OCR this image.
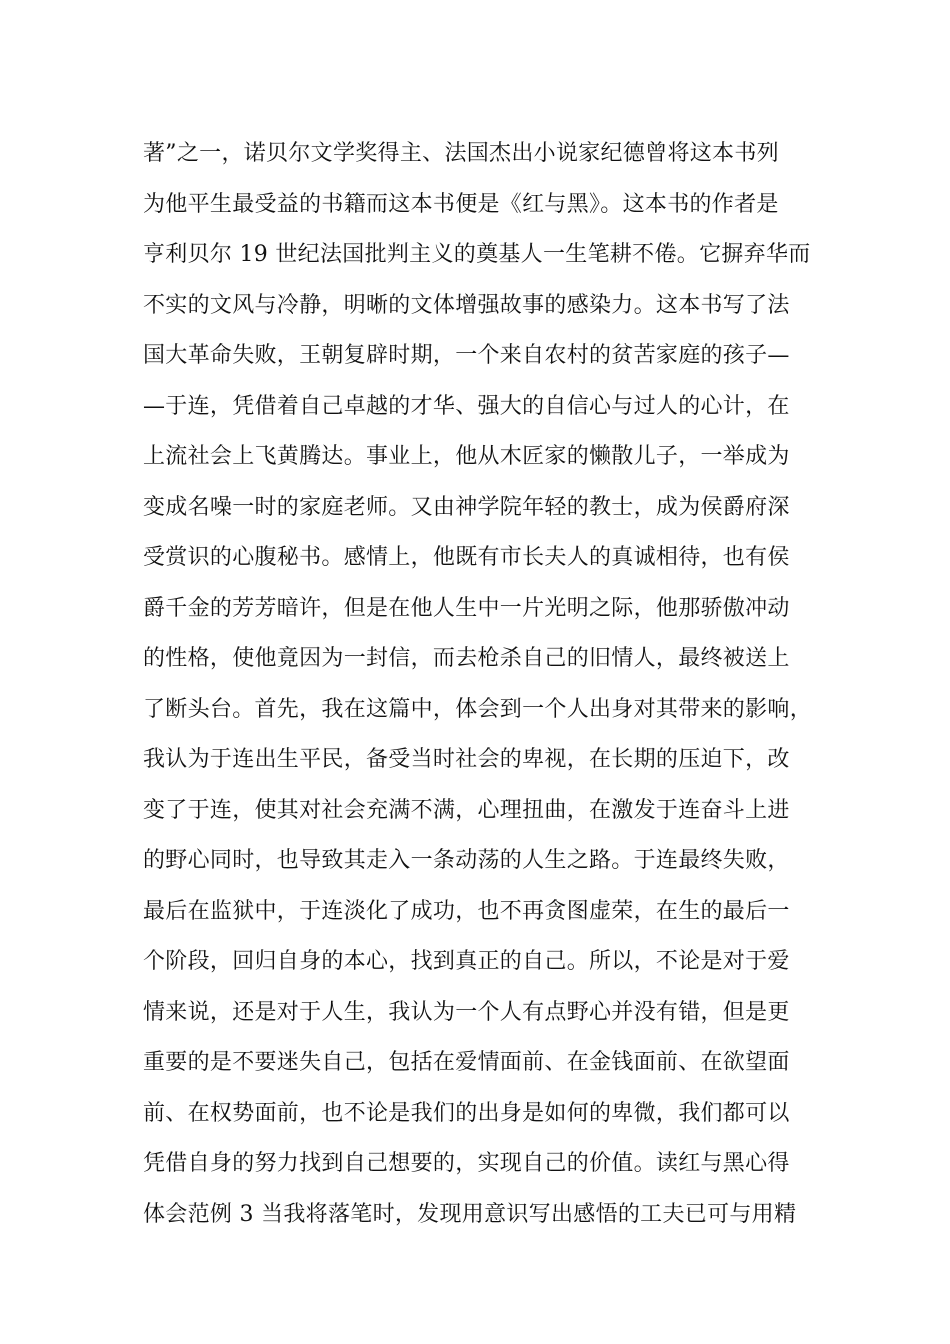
著”之一，诺贝尔文学奖得主、法国杰出小说家纪德曾将这本书列
为他平生最受益的书籍而这本书便是《红与黑》。这本书的作者是
亨利贝尔 19 世纪法国批判主义的奠基人一生笔耕不倦。它摒弃华而
不实的文风与冷静，明晰的文体增强故事的感染力。这本书写了法
国大革命失败，王朝复辟时期，一个来自农村的贫苦家庭的孩子—
—于连，凭借着自己卓越的才华、强大的自信心与过人的心计，在
上流社会上飞黄腾达。事业上，他从木匠家的懒散儿子，一举成为
变成名噪一时的家庭老师。又由神学院年轻的教士，成为侯爵府深
受赏识的心腹秘书。感情上，他既有市长夫人的真诚相待，也有侯
爵千金的芳芳暗许，但是在他人生中一片光明之际，他那骄傲冲动
的性格，使他竟因为一封信，而去枪杀自己的旧情人，最终被送上
了断头台。首先，我在这篇中，体会到一个人出身对其带来的影响，
我认为于连出生平民，备受当时社会的卑视，在长期的压迫下，改
变了于连，使其对社会充满不满，心理扭曲，在激发于连奋斗上进
的野心同时，也导致其走入一条动荡的人生之路。于连最终失败，
最后在监狱中，于连淡化了成功，也不再贪图虚荣，在生的最后一
个阶段，回归自身的本心，找到真正的自己。所以，不论是对于爱
情来说，还是对于人生，我认为一个人有点野心并没有错，但是更
重要的是不要迷失自己，包括在爱情面前、在金钱面前、在欲望面
前、在权势面前，也不论是我们的出身是如何的卑微，我们都可以
凭借自身的努力找到自己想要的，实现自己的价值。读红与黑心得
体会范例 3 当我将落笔时，发现用意识写出感悟的工夫已可与用精
